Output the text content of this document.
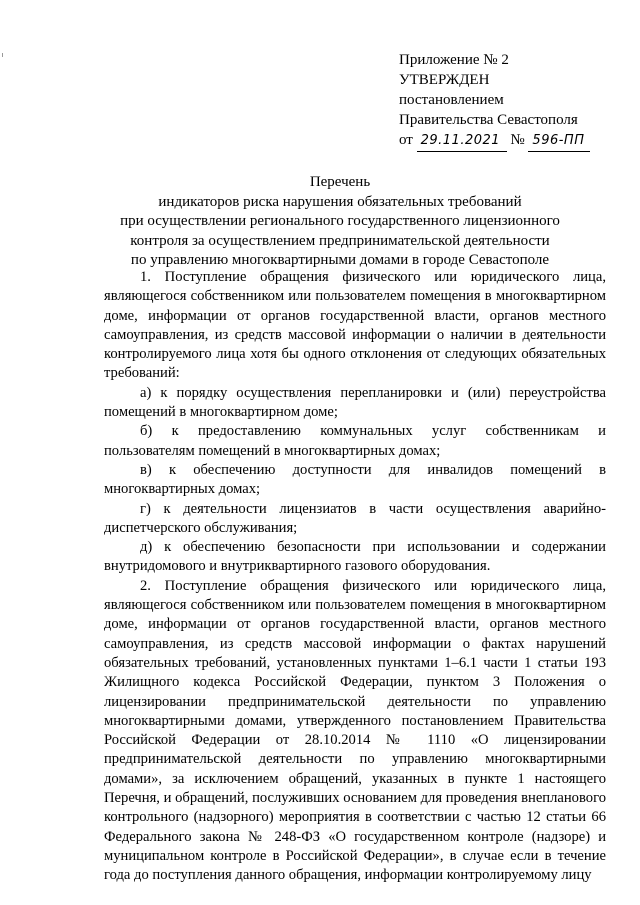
Приложение № 2
УТВЕРЖДЕН
постановлением
Правительства Севастополя
от 29.11.2021 № 596-ПП
Перечень
индикаторов риска нарушения обязательных требований
при осуществлении регионального государственного лицензионного
контроля за осуществлением предпринимательской деятельности
по управлению многоквартирными домами в городе Севастополе

1. Поступление обращения физического или юридического лица, являющегося собственником или пользователем помещения в многоквартирном доме, информации от органов государственной власти, органов местного самоуправления, из средств массовой информации о наличии в деятельности контролируемого лица хотя бы одного отклонения от следующих обязательных требований:

а) к порядку осуществления перепланировки и (или) переустройства помещений в многоквартирном доме;

б) к предоставлению коммунальных услуг собственникам и пользователям помещений в многоквартирных домах;

в) к обеспечению доступности для инвалидов помещений в многоквартирных домах;

г) к деятельности лицензиатов в части осуществления аварийно-диспетчерского обслуживания;

д) к обеспечению безопасности при использовании и содержании внутридомового и внутриквартирного газового оборудования.

2. Поступление обращения физического или юридического лица, являющегося собственником или пользователем помещения в многоквартирном доме, информации от органов государственной власти, органов местного самоуправления, из средств массовой информации о фактах нарушений обязательных требований, установленных пунктами 1–6.1 части 1 статьи 193 Жилищного кодекса Российской Федерации, пунктом 3 Положения о лицензировании предпринимательской деятельности по управлению многоквартирными домами, утвержденного постановлением Правительства Российской Федерации от 28.10.2014 № 1110 «О лицензировании предпринимательской деятельности по управлению многоквартирными домами», за исключением обращений, указанных в пункте 1 настоящего Перечня, и обращений, послуживших основанием для проведения внепланового контрольного (надзорного) мероприятия в соответствии с частью 12 статьи 66 Федерального закона № 248-ФЗ «О государственном контроле (надзоре) и муниципальном контроле в Российской Федерации», в случае если в течение года до поступления данного обращения, информации контролируемому лицу
